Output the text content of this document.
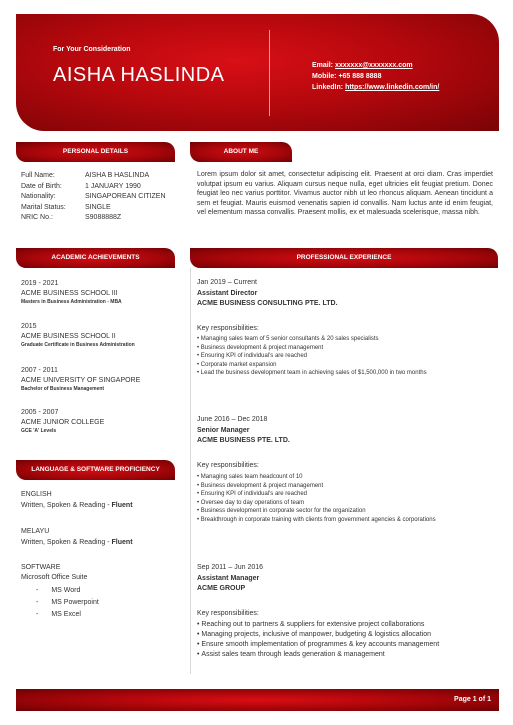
For Your Consideration
AISHA HASLINDA	Email: xxxxxxx@xxxxxxx.com
Mobile: +65 888 8888
LinkedIn: https://www.linkedin.com/in/
PERSONAL DETAILS
Full Name:	AISHA B HASLINDA
Date of Birth:	1 JANUARY 1990
Nationality:	SINGAPOREAN CITIZEN
Marital Status:	SINGLE
NRIC No.:	S9088888Z
ABOUT ME
Lorem ipsum dolor sit amet, consectetur adipiscing elit. Praesent at orci diam. Cras imperdiet volutpat ipsum eu varius. Aliquam cursus neque nulla, eget ultricies elit feugiat pretium. Donec feugiat leo nec varius porttitor. Vivamus auctor nibh ut leo rhoncus aliquam. Aenean tincidunt a sem et feugiat. Mauris euismod venenatis sapien id convallis. Nam luctus ante id enim feugiat, vel elementum massa convallis. Praesent mollis, ex et malesuada scelerisque, massa nibh.
ACADEMIC ACHIEVEMENTS
2019 - 2021
ACME BUSINESS SCHOOL III
Masters in Business Administration - MBA
2015
ACME BUSINESS SCHOOL II
Graduate Certificate in Business Administration
2007 - 2011
ACME UNIVERSITY OF SINGAPORE
Bachelor of Business Management
2005 - 2007
ACME JUNIOR COLLEGE
GCE 'A' Levels
LANGUAGE & SOFTWARE PROFICIENCY
ENGLISH
Written, Spoken & Reading - Fluent
MELAYU
Written, Spoken & Reading - Fluent
SOFTWARE
Microsoft Office Suite
- MS Word
- MS Powerpoint
- MS Excel
PROFESSIONAL EXPERIENCE
Jan 2019 – Current
Assistant Director
ACME BUSINESS CONSULTING PTE. LTD.
Key responsibilities:
• Managing sales team of 5 senior consultants & 20 sales specialists
• Business development & project management
• Ensuring KPI of individual's are reached
• Corporate market expansion
• Lead the business development team in achieving sales of $1,500,000 in two months
June 2016 – Dec 2018
Senior Manager
ACME BUSINESS PTE. LTD.
Key responsibilities:
• Managing sales team headcount of 10
• Business development & project management
• Ensuring KPI of individual's are reached
• Oversee day to day operations of team
• Business development in corporate sector for the organization
• Breakthrough in corporate training with clients from government agencies & corporations
Sep 2011 – Jun 2016
Assistant Manager
ACME GROUP
Key responsibilities:
• Reaching out to partners & suppliers for extensive project collaborations
• Managing projects, inclusive of manpower, budgeting & logistics allocation
• Ensure smooth implementation of programmes & key accounts management
• Assist sales team through leads generation & management
Page 1 of 1
